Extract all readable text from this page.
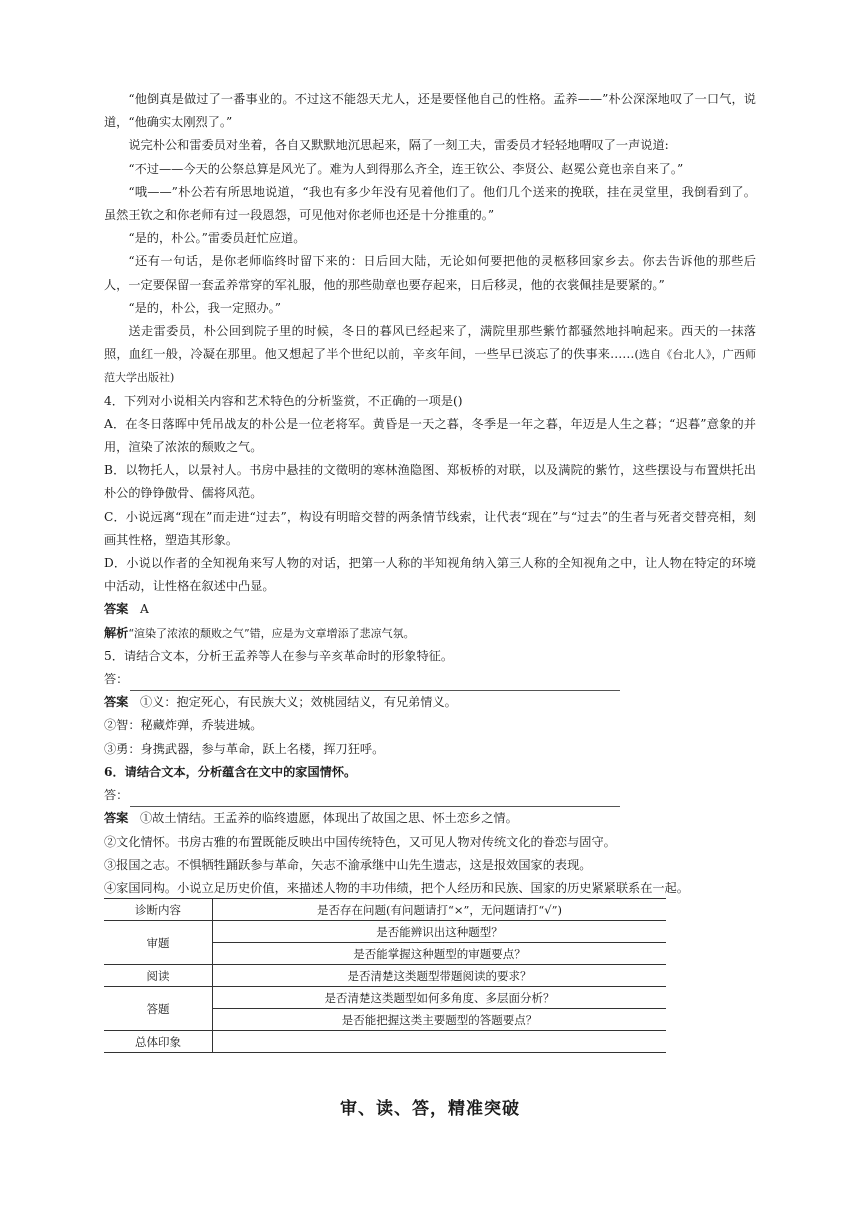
“他倒真是做过了一番事业的。不过这不能怨天尤人，还是要怪他自己的性格。孟养——”朴公深深地叹了一口气，说道，“他确实太刚烈了。”

说完朴公和雷委员对坐着，各自又默默地沉思起来，隔了一刻工夫，雷委员才轻轻地喟叹了一声说道:

“不过——今天的公祭总算是风光了。难为人到得那么齐全，连王钦公、李贤公、赵冕公竟也亲自来了。”

“哦——”朴公若有所思地说道，“我也有多少年没有见着他们了。他们几个送来的挽联，挂在灵堂里，我倒看到了。虽然王钦之和你老师有过一段恩怨，可见他对你老师也还是十分推重的。”

“是的，朴公。”雷委员赶忙应道。

“还有一句话，是你老师临终时留下来的：日后回大陆，无论如何要把他的灵柩移回家乡去。你去告诉他的那些后人，一定要保留一套孟养常穿的军礼服，他的那些勋章也要存起来，日后移灵，他的衣裳佩挂是要紧的。”

“是的，朴公，我一定照办。”

送走雷委员，朴公回到院子里的时候，冬日的暮风已经起来了，满院里那些紫竹都骚然地抖响起来。西天的一抹落照，血红一般，冷凝在那里。他又想起了半个世纪以前，辛亥年间，一些早已淡忘了的佚事来……(选自《台北人》，广西师范大学出版社)

4．下列对小说相关内容和艺术特色的分析鉴赏，不正确的一项是()

A．在冬日落晖中凭吊战友的朴公是一位老将军。黄昏是一天之暮，冬季是一年之暮，年迈是人生之暮；“迟暮”意象的并用，渲染了浓浓的颓败之气。

B．以物托人，以景衬人。书房中悬挂的文徵明的寒林渔隐图、郑板桥的对联，以及满院的紫竹，这些摆设与布置烘托出朴公的铮铮傲骨、儒将风范。

C．小说远离“现在”而走进“过去”，构设有明暗交替的两条情节线索，让代表“现在”与“过去”的生者与死者交替亮相，刻画其性格，塑造其形象。

D．小说以作者的全知视角来写人物的对话，把第一人称的半知视角纳入第三人称的全知视角之中，让人物在特定的环境中活动，让性格在叙述中凸显。

答案 A

解析“渲染了浓浓的颓败之气”错，应是为文章增添了悲凉气氛。

5．请结合文本，分析王孟养等人在参与辛亥革命时的形象特征。

答：

答案 ①义：抱定死心，有民族大义；效桃园结义，有兄弟情义。

②智：秘藏炸弹，乔装进城。

③勇：身携武器，参与革命，跃上名楼，挥刀狂呼。

6．请结合文本，分析蕴含在文中的家国情怀。

答：

答案 ①故土情结。王孟养的临终遗愿，体现出了故国之思、怀土恋乡之情。

②文化情怀。书房古雅的布置既能反映出中国传统特色，又可见人物对传统文化的眷恋与固守。

③报国之志。不惧牺牲踊跃参与革命，矢志不渝承继中山先生遗志，这是报效国家的表现。

④家国同构。小说立足历史价值，来描述人物的丰功伟绩，把个人经历和民族、国家的历史紧紧联系在一起。

诊断内容	是否存在问题(有问题请打“×”，无问题请打“√”)
审题	是否能辨识出这种题型？
	是否能掌握这种题型的审题要点？
阅读	是否清楚这类题型带题阅读的要求？
答题	是否清楚这类题型如何多角度、多层面分析？
	是否能把握这类主要题型的答题要点？
总体印象	
审、读、答，精准突破
